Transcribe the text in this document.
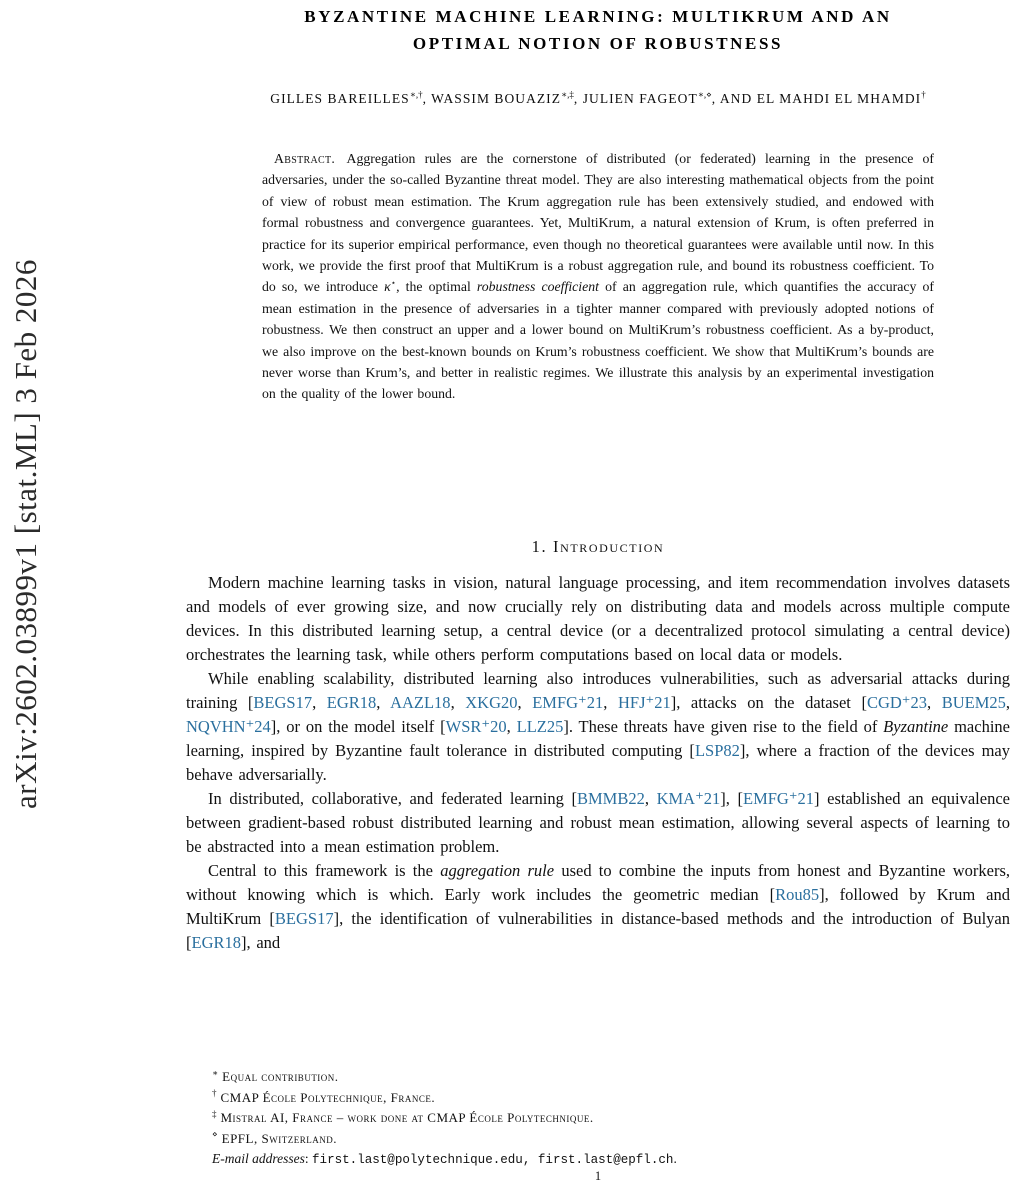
arXiv:2602.03899v1 [stat.ML] 3 Feb 2026
BYZANTINE MACHINE LEARNING: MULTIKRUM AND AN
OPTIMAL NOTION OF ROBUSTNESS
GILLES BAREILLES∗,†, WASSIM BOUAZIZ∗,‡, JULIEN FAGEOT∗,⋄, AND EL MAHDI EL MHAMDI†

Abstract. Aggregation rules are the cornerstone of distributed (or federated) learning in the presence of adversaries, under the so-called Byzantine threat model. They are also interesting mathematical objects from the point of view of robust mean estimation. The Krum aggregation rule has been extensively studied, and endowed with formal robustness and convergence guarantees. Yet, MultiKrum, a natural extension of Krum, is often preferred in practice for its superior empirical performance, even though no theoretical guarantees were available until now. In this work, we provide the first proof that MultiKrum is a robust aggregation rule, and bound its robustness coefficient. To do so, we introduce κ⋆, the optimal robustness coefficient of an aggregation rule, which quantifies the accuracy of mean estimation in the presence of adversaries in a tighter manner compared with previously adopted notions of robustness. We then construct an upper and a lower bound on MultiKrum’s robustness coefficient. As a by-product, we also improve on the best-known bounds on Krum’s robustness coefficient. We show that MultiKrum’s bounds are never worse than Krum’s, and better in realistic regimes. We illustrate this analysis by an experimental investigation on the quality of the lower bound.

1. Introduction

Modern machine learning tasks in vision, natural language processing, and item recommendation involves datasets and models of ever growing size, and now crucially rely on distributing data and models across multiple compute devices. In this distributed learning setup, a central device (or a decentralized protocol simulating a central device) orchestrates the learning task, while others perform computations based on local data or models.

While enabling scalability, distributed learning also introduces vulnerabilities, such as adversarial attacks during training [BEGS17, EGR18, AAZL18, XKG20, EMFG⁺21, HFJ⁺21], attacks on the dataset [CGD⁺23, BUEM25, NQVHN⁺24], or on the model itself [WSR⁺20, LLZ25]. These threats have given rise to the field of Byzantine machine learning, inspired by Byzantine fault tolerance in distributed computing [LSP82], where a fraction of the devices may behave adversarially.

In distributed, collaborative, and federated learning [BMMB22, KMA⁺21], [EMFG⁺21] established an equivalence between gradient-based robust distributed learning and robust mean estimation, allowing several aspects of learning to be abstracted into a mean estimation problem.

Central to this framework is the aggregation rule used to combine the inputs from honest and Byzantine workers, without knowing which is which. Early work includes the geometric median [Rou85], followed by Krum and MultiKrum [BEGS17], the identification of vulnerabilities in distance-based methods and the introduction of Bulyan [EGR18], and

∗ Equal contribution.
† CMAP École Polytechnique, France.
‡ Mistral AI, France – work done at CMAP École Polytechnique.
⋄ EPFL, Switzerland.
E-mail addresses: first.last@polytechnique.edu, first.last@epfl.ch.
1
